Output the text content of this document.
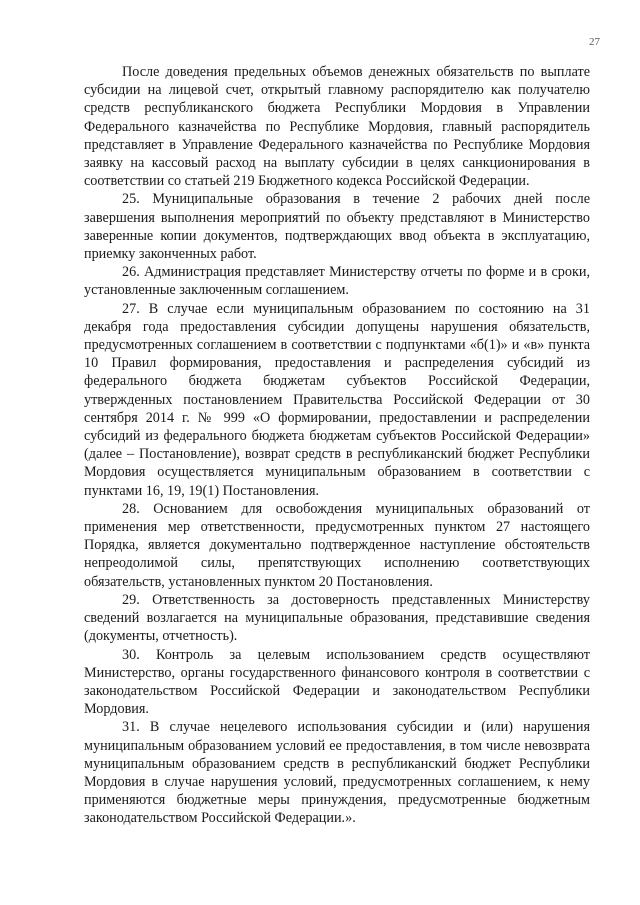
27

После доведения предельных объемов денежных обязательств по выплате субсидии на лицевой счет, открытый главному распорядителю как получателю средств республиканского бюджета Республики Мордовия в Управлении Федерального казначейства по Республике Мордовия, главный распорядитель представляет в Управление Федерального казначейства по Республике Мордовия заявку на кассовый расход на выплату субсидии в целях санкционирования в соответствии со статьей 219 Бюджетного кодекса Российской Федерации.

25. Муниципальные образования в течение 2 рабочих дней после завершения выполнения мероприятий по объекту представляют в Министерство заверенные копии документов, подтверждающих ввод объекта в эксплуатацию, приемку законченных работ.

26. Администрация представляет Министерству отчеты по форме и в сроки, установленные заключенным соглашением.

27. В случае если муниципальным образованием по состоянию на 31 декабря года предоставления субсидии допущены нарушения обязательств, предусмотренных соглашением в соответствии с подпунктами «б(1)» и «в» пункта 10 Правил формирования, предоставления и распределения субсидий из федерального бюджета бюджетам субъектов Российской Федерации, утвержденных постановлением Правительства Российской Федерации от 30 сентября 2014 г. № 999 «О формировании, предоставлении и распределении субсидий из федерального бюджета бюджетам субъектов Российской Федерации» (далее – Постановление), возврат средств в республиканский бюджет Республики Мордовия осуществляется муниципальным образованием в соответствии с пунктами 16, 19, 19(1) Постановления.

28. Основанием для освобождения муниципальных образований от применения мер ответственности, предусмотренных пунктом 27 настоящего Порядка, является документально подтвержденное наступление обстоятельств непреодолимой силы, препятствующих исполнению соответствующих обязательств, установленных пунктом 20 Постановления.

29. Ответственность за достоверность представленных Министерству сведений возлагается на муниципальные образования, представившие сведения (документы, отчетность).

30. Контроль за целевым использованием средств осуществляют Министерство, органы государственного финансового контроля в соответствии с законодательством Российской Федерации и законодательством Республики Мордовия.

31. В случае нецелевого использования субсидии и (или) нарушения муниципальным образованием условий ее предоставления, в том числе невозврата муниципальным образованием средств в республиканский бюджет Республики Мордовия в случае нарушения условий, предусмотренных соглашением, к нему применяются бюджетные меры принуждения, предусмотренные бюджетным законодательством Российской Федерации.».
